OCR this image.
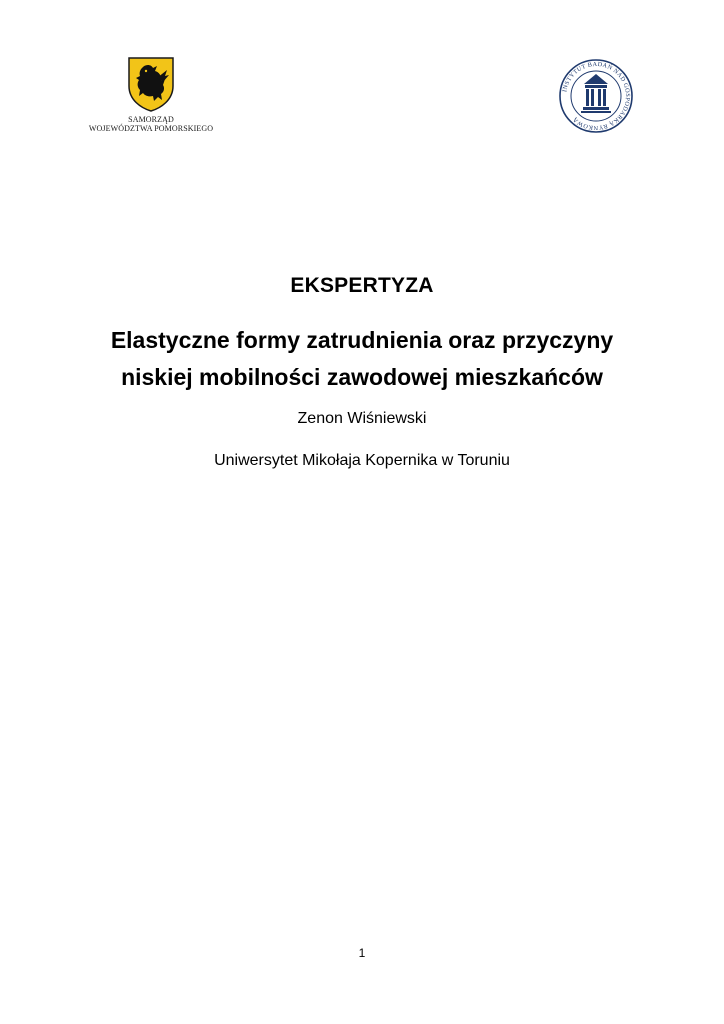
SAMORZĄD
WOJEWÓDZTWA POMORSKIEGO
INSTYTUT BADAŃ NAD GOSPODARKĄ RYNKOWĄ
EKSPERTYZA
Elastyczne formy zatrudnienia oraz przyczyny
niskiej mobilności zawodowej mieszkańców
Zenon Wiśniewski
Uniwersytet Mikołaja Kopernika w Toruniu
1
